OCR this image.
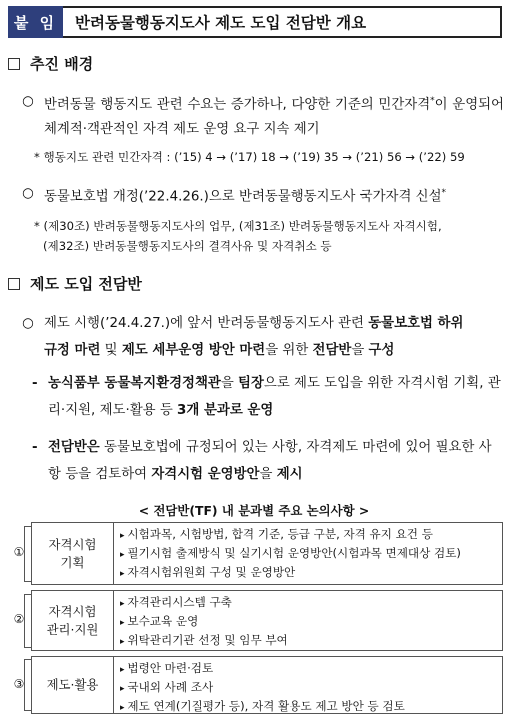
붙 임	반려동물행동지도사 제도 도입 전담반 개요
추진 배경
○ 반려동물 행동지도 관련 수요는 증가하나, 다양한 기준의 민간자격*이 운영되어 체계적·객관적인 자격 제도 운영 요구 지속 제기
* 행동지도 관련 민간자격 : (’15) 4 → (’17) 18 → (’19) 35 → (’21) 56 → (’22) 59
○ 동물보호법 개정(’22.4.26.)으로 반려동물행동지도사 국가자격 신설*
* (제30조) 반려동물행동지도사의 업무, (제31조) 반려동물행동지도사 자격시험,
(제32조) 반려동물행동지도사의 결격사유 및 자격취소 등
제도 도입 전담반
○ 제도 시행(’24.4.27.)에 앞서 반려동물행동지도사 관련 동물보호법 하위
규정 마련 및 제도 세부운영 방안 마련을 위한 전담반을 구성
- 농식품부 동물복지환경정책관을 팀장으로 제도 도입을 위한 자격시험 기획, 관리·지원, 제도·활용 등 3개 분과로 운영
- 전담반은 동물보호법에 규정되어 있는 사항, 자격제도 마련에 있어 필요한 사항 등을 검토하여 자격시험 운영방안을 제시
< 전담반(TF) 내 분과별 주요 논의사항 >
①
자격시험
기획
▸ 시험과목, 시험방법, 합격 기준, 등급 구분, 자격 유지 요건 등
▸ 필기시험 출제방식 및 실기시험 운영방안(시험과목 면제대상 검토)
▸ 자격시험위원회 구성 및 운영방안
②
자격시험
관리·지원
▸ 자격관리시스템 구축
▸ 보수교육 운영
▸ 위탁관리기관 선정 및 임무 부여
③ 제도·활용
▸ 법령안 마련·검토
▸ 국내외 사례 조사
▸ 제도 연계(기질평가 등), 자격 활용도 제고 방안 등 검토
